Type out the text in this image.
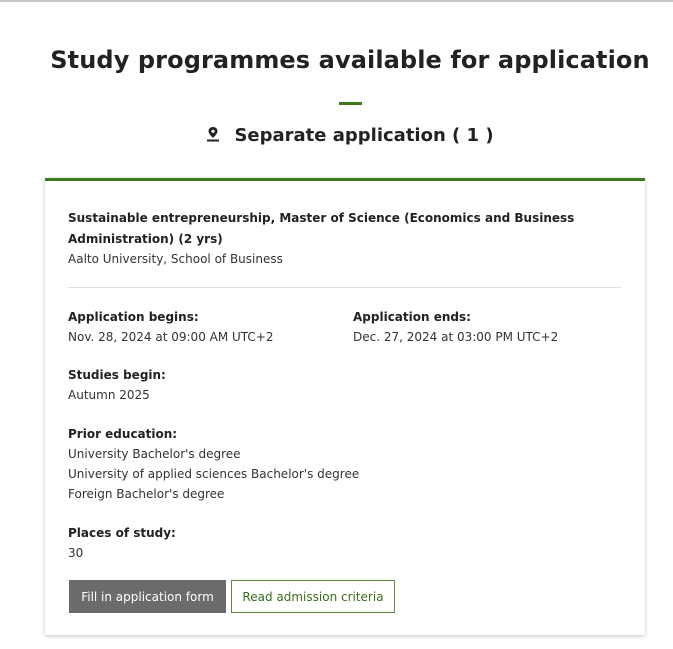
Study programmes available for application
Separate application ( 1 )
Sustainable entrepreneurship, Master of Science (Economics and Business Administration) (2 yrs)
Aalto University, School of Business
Application begins:
Nov. 28, 2024 at 09:00 AM UTC+2
Application ends:
Dec. 27, 2024 at 03:00 PM UTC+2
Studies begin:
Autumn 2025
Prior education:
University Bachelor's degree
University of applied sciences Bachelor's degree
Foreign Bachelor's degree
Places of study:
30
Fill in application form	Read admission criteria
